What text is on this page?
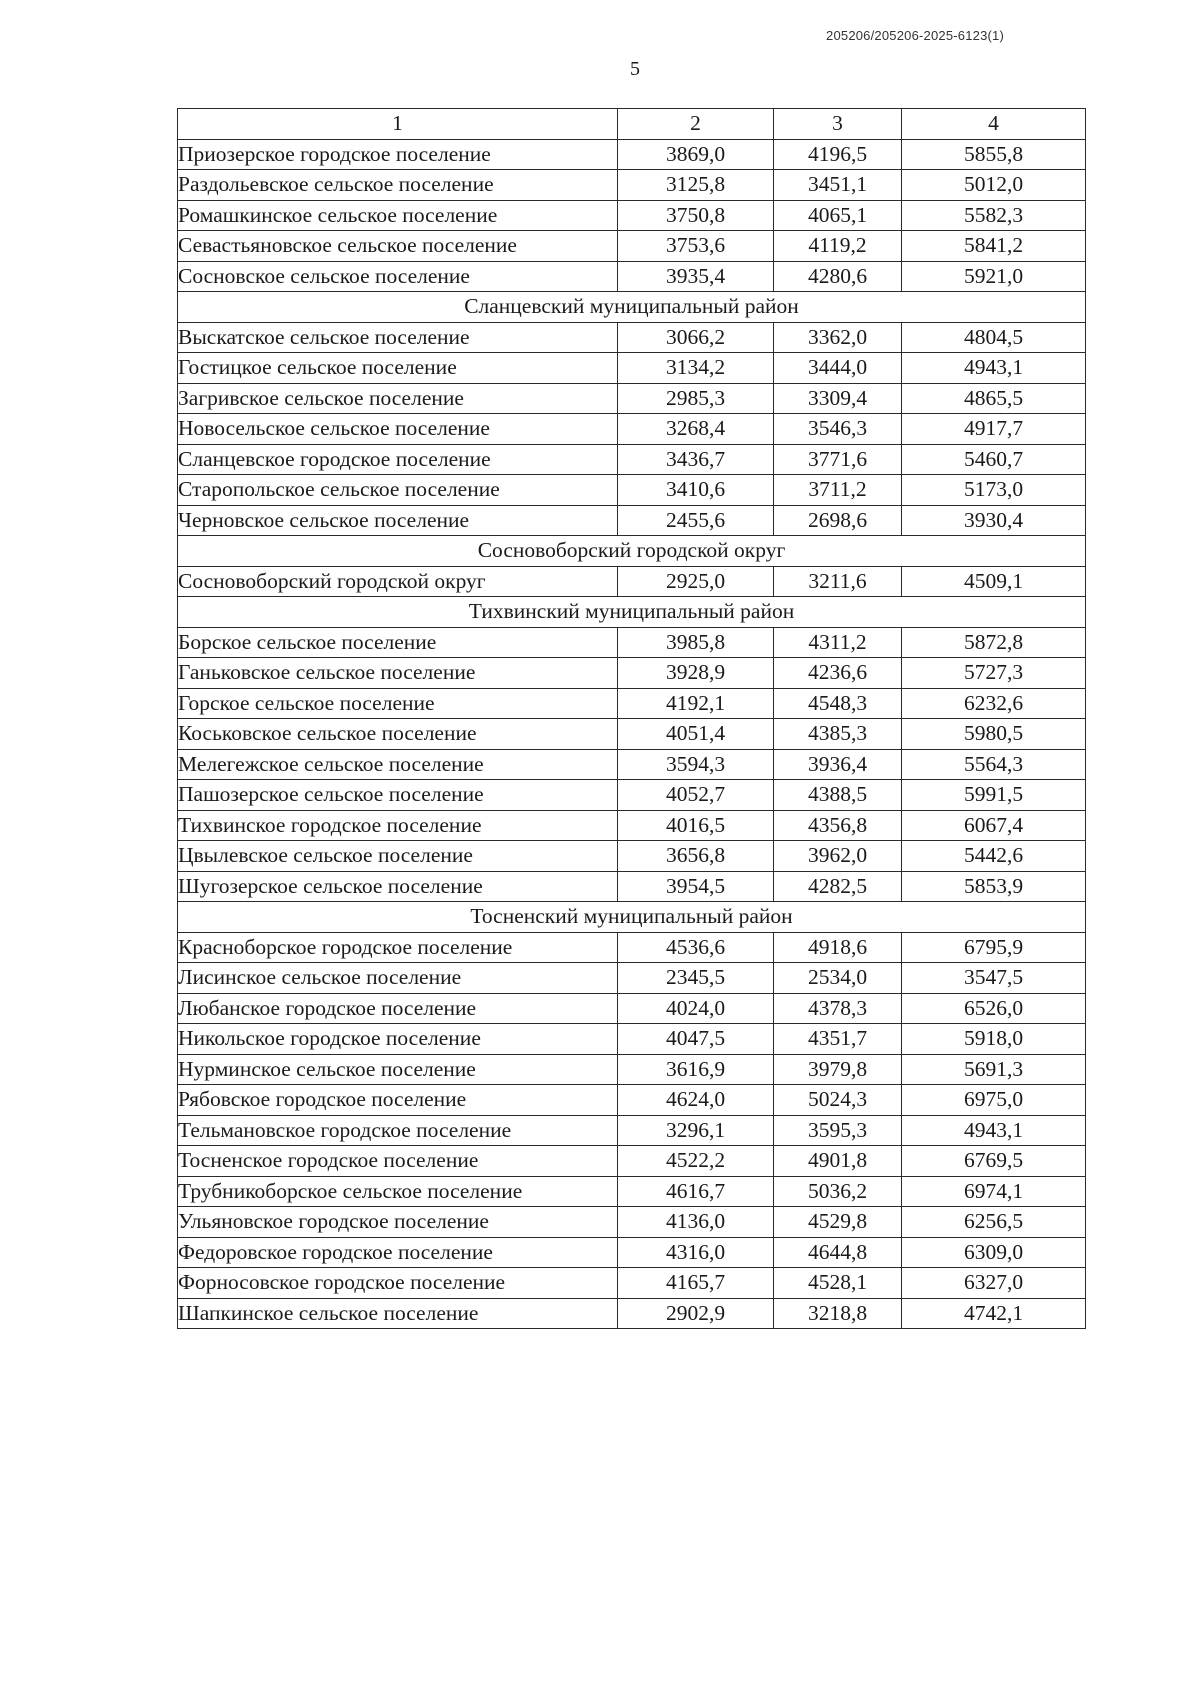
205206/205206-2025-6123(1)
5
1	2	3	4
Приозерское городское поселение	3869,0	4196,5	5855,8
Раздольевское сельское поселение	3125,8	3451,1	5012,0
Ромашкинское сельское поселение	3750,8	4065,1	5582,3
Севастьяновское сельское поселение	3753,6	4119,2	5841,2
Сосновское сельское поселение	3935,4	4280,6	5921,0
Сланцевский муниципальный район			
Выскатское сельское поселение	3066,2	3362,0	4804,5
Гостицкое сельское поселение	3134,2	3444,0	4943,1
Загривское сельское поселение	2985,3	3309,4	4865,5
Новосельское сельское поселение	3268,4	3546,3	4917,7
Сланцевское городское поселение	3436,7	3771,6	5460,7
Старопольское сельское поселение	3410,6	3711,2	5173,0
Черновское сельское поселение	2455,6	2698,6	3930,4
Сосновоборский городской округ			
Сосновоборский городской округ	2925,0	3211,6	4509,1
Тихвинский муниципальный район			
Борское сельское поселение	3985,8	4311,2	5872,8
Ганьковское сельское поселение	3928,9	4236,6	5727,3
Горское сельское поселение	4192,1	4548,3	6232,6
Коськовское сельское поселение	4051,4	4385,3	5980,5
Мелегежское сельское поселение	3594,3	3936,4	5564,3
Пашозерское сельское поселение	4052,7	4388,5	5991,5
Тихвинское городское поселение	4016,5	4356,8	6067,4
Цвылевское сельское поселение	3656,8	3962,0	5442,6
Шугозерское сельское поселение	3954,5	4282,5	5853,9
Тосненский муниципальный район			
Красноборское городское поселение	4536,6	4918,6	6795,9
Лисинское сельское поселение	2345,5	2534,0	3547,5
Любанское городское поселение	4024,0	4378,3	6526,0
Никольское городское поселение	4047,5	4351,7	5918,0
Нурминское сельское поселение	3616,9	3979,8	5691,3
Рябовское городское поселение	4624,0	5024,3	6975,0
Тельмановское городское поселение	3296,1	3595,3	4943,1
Тосненское городское поселение	4522,2	4901,8	6769,5
Трубникоборское сельское поселение	4616,7	5036,2	6974,1
Ульяновское городское поселение	4136,0	4529,8	6256,5
Федоровское городское поселение	4316,0	4644,8	6309,0
Форносовское городское поселение	4165,7	4528,1	6327,0
Шапкинское сельское поселение	2902,9	3218,8	4742,1
